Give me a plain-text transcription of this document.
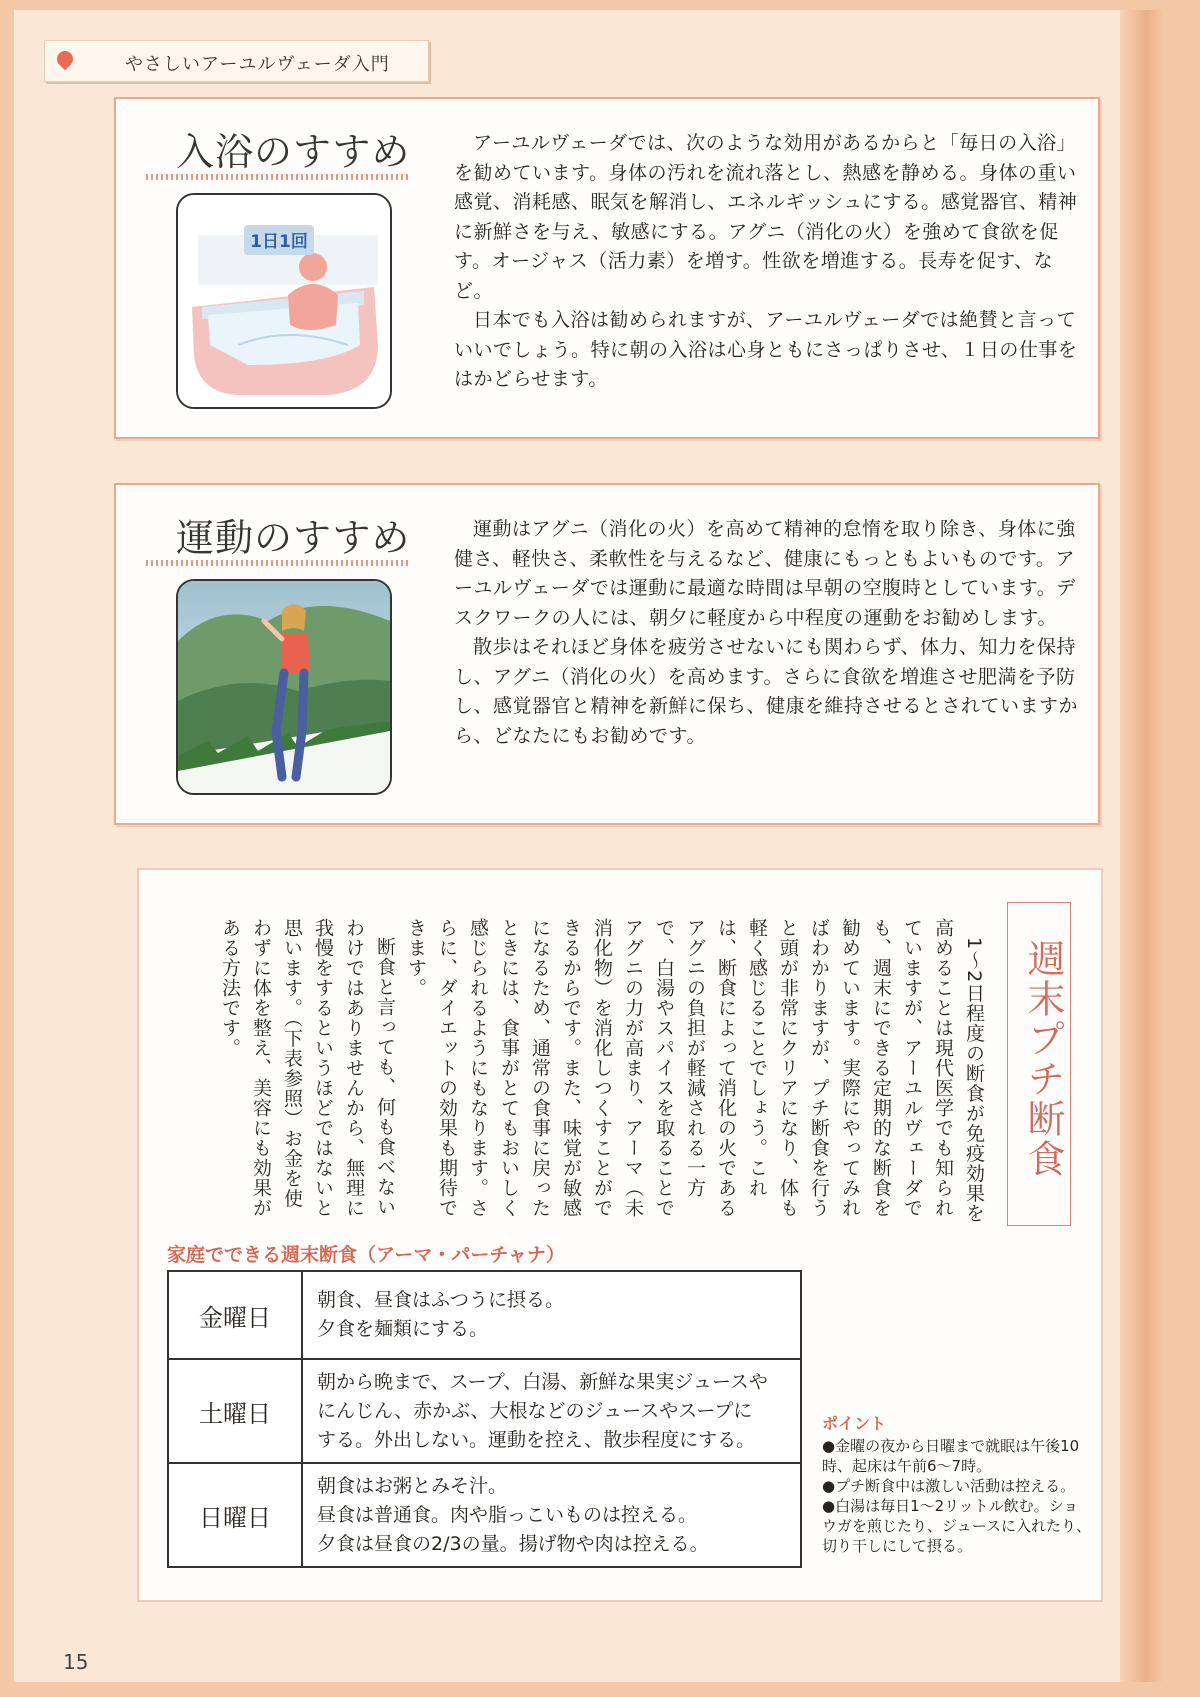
やさしいアーユルヴェーダ入門
入浴のすすめ
1日1回

アーユルヴェーダでは、次のような効用があるからと「毎日の入浴」を勧めています。身体の汚れを流れ落とし、熱感を静める。身体の重い感覚、消耗感、眠気を解消し、エネルギッシュにする。感覚器官、精神に新鮮さを与え、敏感にする。アグニ（消化の火）を強めて食欲を促す。オージャス（活力素）を増す。性欲を増進する。長寿を促す、など。

日本でも入浴は勧められますが、アーユルヴェーダでは絶賛と言っていいでしょう。特に朝の入浴は心身ともにさっぱりさせ、１日の仕事をはかどらせます。

運動のすすめ	運動はアグニ（消化の火）を高めて精神的怠惰を取り除き、身体に強健さ、軽快さ、柔軟性を与えるなど、健康にもっともよいものです。アーユルヴェーダでは運動に最適な時間は早朝の空腹時としています。デスクワークの人には、朝夕に軽度から中程度の運動をお勧めします。

散歩はそれほど身体を疲労させないにも関わらず、体力、知力を保持し、アグニ（消化の火）を高めます。さらに食欲を増進させ肥満を予防し、感覚器官と精神を新鮮に保ち、健康を維持させるとされていますから、どなたにもお勧めです。

週末プチ断食

1〜2日程度の断食が免疫効果を高めることは現代医学でも知られていますが、アーユルヴェーダでも、週末にできる定期的な断食を勧めています。実際にやってみればわかりますが、プチ断食を行うと頭が非常にクリアになり、体も軽く感じることでしょう。これは、断食によって消化の火であるアグニの負担が軽減される一方で、白湯やスパイスを取ることでアグニの力が高まり、アーマ（未消化物）を消化しつくすことができるからです。また、味覚が敏感になるため、通常の食事に戻ったときには、食事がとてもおいしく感じられるようにもなります。さらに、ダイエットの効果も期待できます。

断食と言っても、何も食べないわけではありませんから、無理に我慢をするというほどではないと思います。（下表参照）お金を使わずに体を整え、美容にも効果がある方法です。

家庭でできる週末断食（アーマ・パーチャナ）
金曜日	朝食、昼食はふつうに摂る。
夕食を麺類にする。

土曜日	朝から晩まで、スープ、白湯、新鮮な果実ジュースや
にんじん、赤かぶ、大根などのジュースやスープに
する。外出しない。運動を控え、散歩程度にする。

日曜日	朝食はお粥とみそ汁。
昼食は普通食。肉や脂っこいものは控える。
夕食は昼食の2/3の量。揚げ物や肉は控える。
ポイント
●金曜の夜から日曜まで就眠は午後10時、起床は午前6〜7時。
●プチ断食中は激しい活動は控える。
●白湯は毎日1〜2リットル飲む。ショウガを煎じたり、ジュースに入れたり、切り干しにして摂る。
15
